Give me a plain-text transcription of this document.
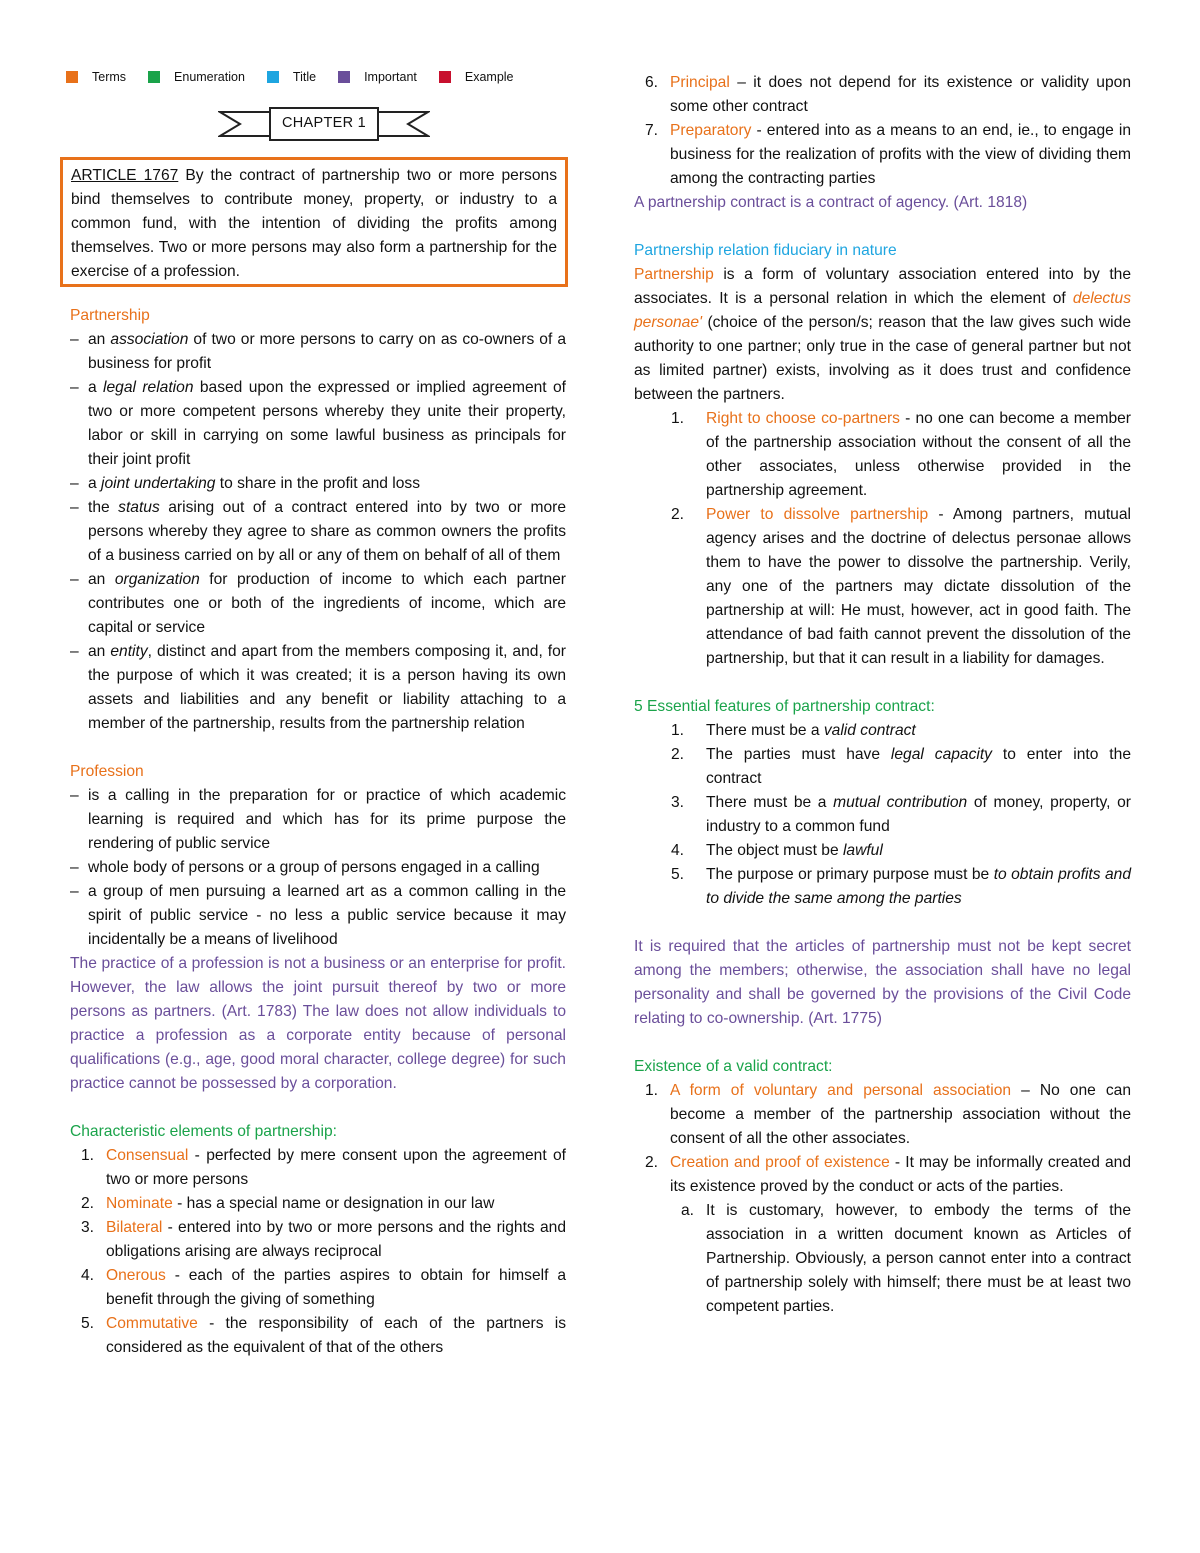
Terms	Enumeration	Title	Important	Example
CHAPTER 1

ARTICLE 1767 By the contract of partnership two or more persons bind themselves to contribute money, property, or industry to a common fund, with the intention of dividing the profits among themselves. Two or more persons may also form a partnership for the exercise of a profession.

Partnership

– an association of two or more persons to carry on as co-owners of a business for profit
– a legal relation based upon the expressed or implied agreement of two or more competent persons whereby they unite their property, labor or skill in carrying on some lawful business as principals for their joint profit
– a joint undertaking to share in the profit and loss
– the status arising out of a contract entered into by two or more persons whereby they agree to share as common owners the profits of a business carried on by all or any of them on behalf of all of them
– an organization for production of income to which each partner contributes one or both of the ingredients of income, which are capital or service
– an entity, distinct and apart from the members composing it, and, for the purpose of which it was created; it is a person having its own assets and liabilities and any benefit or liability attaching to a member of the partnership, results from the partnership relation

Profession

– is a calling in the preparation for or practice of which academic learning is required and which has for its prime purpose the rendering of public service
– whole body of persons or a group of persons engaged in a calling
– a group of men pursuing a learned art as a common calling in the spirit of public service - no less a public service because it may incidentally be a means of livelihood

The practice of a profession is not a business or an enterprise for profit. However, the law allows the joint pursuit thereof by two or more persons as partners. (Art. 1783) The law does not allow individuals to practice a profession as a corporate entity because of personal qualifications (e.g., age, good moral character, college degree) for such practice cannot be possessed by a corporation.

Characteristic elements of partnership:

1. Consensual - perfected by mere consent upon the agreement of two or more persons
2. Nominate - has a special name or designation in our law
3. Bilateral - entered into by two or more persons and the rights and obligations arising are always reciprocal
4. Onerous - each of the parties aspires to obtain for himself a benefit through the giving of something
5. Commutative - the responsibility of each of the partners is considered as the equivalent of that of the others
6. Principal – it does not depend for its existence or validity upon some other contract
7. Preparatory - entered into as a means to an end, ie., to engage in business for the realization of profits with the view of dividing them among the contracting parties

A partnership contract is a contract of agency. (Art. 1818)

Partnership relation fiduciary in nature

Partnership is a form of voluntary association entered into by the associates. It is a personal relation in which the element of delectus personae' (choice of the person/s; reason that the law gives such wide authority to one partner; only true in the case of general partner but not as limited partner) exists, involving as it does trust and confidence between the partners.

1.	Right to choose co-partners - no one can become a member of the partnership association without the consent of all the other associates, unless otherwise provided in the partnership agreement.
2.	Power to dissolve partnership - Among partners, mutual agency arises and the doctrine of delectus personae allows them to have the power to dissolve the partnership. Verily, any one of the partners may dictate dissolution of the partnership at will: He must, however, act in good faith. The attendance of bad faith cannot prevent the dissolution of the partnership, but that it can result in a liability for damages.

5 Essential features of partnership contract:

1.	There must be a valid contract
2.	The parties must have legal capacity to enter into the contract
3.	There must be a mutual contribution of money, property, or industry to a common fund
4.	The object must be lawful
5.	The purpose or primary purpose must be to obtain profits and to divide the same among the parties

It is required that the articles of partnership must not be kept secret among the members; otherwise, the association shall have no legal personality and shall be governed by the provisions of the Civil Code relating to co-ownership. (Art. 1775)

Existence of a valid contract:

1. A form of voluntary and personal association – No one can become a member of the partnership association without the consent of all the other associates.
2. Creation and proof of existence - It may be informally created and its existence proved by the conduct or acts of the parties.
a. It is customary, however, to embody the terms of the association in a written document known as Articles of Partnership. Obviously, a person cannot enter into a contract of partnership solely with himself; there must be at least two competent parties.
